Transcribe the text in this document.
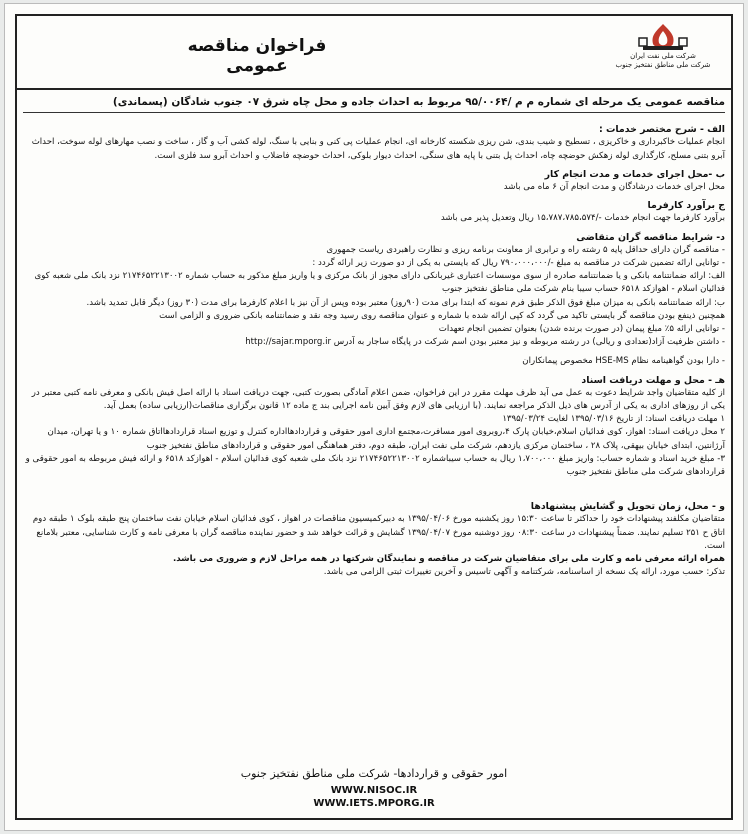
فراخوان مناقصه عمومی	شرکت ملی نفت ایران
شرکت ملی مناطق نفتخیز جنوب
مناقصه عمومی یک مرحله ای شماره م م /۹۵/۰۰۶۴ مربوط به احداث جاده و محل چاه شرق ۰۷ جنوب شادگان (پسماندی)
الف - شرح مختصر خدمات :

انجام عملیات خاکبرداری و خاکریزی ، تسطیح و شیب بندی، شن ریزی شکسته کارخانه ای، انجام عملیات پی کنی و بنایی با سنگ، لوله کشی آب و گاز ، ساخت و نصب مهارهای لوله سوخت، احداث آبرو بتنی مسلح، کارگذاری لوله زهکش حوضچه چاه، احداث پل بتنی با پایه های سنگی، احداث دیوار بلوکی، احداث حوضچه فاضلاب و احداث آبرو سد فلزی است.

ب -محل اجرای خدمات و مدت انجام کار

محل اجرای خدمات درشادگان و مدت انجام آن ۶ ماه می باشد

ج برآورد کارفرما

برآورد کارفرما جهت انجام خدمات -/۱۵،۷۸۷،۷۸۵،۵۷۴ ریال وتعدیل پذیر می باشد

د- شرایط مناقصه گران متقاضی

- مناقصه گران دارای حداقل پایه ۵ رشته راه و ترابری از معاونت برنامه ریزی و نظارت راهبردی ریاست جمهوری

- توانایی ارائه تضمین شرکت در مناقصه به مبلغ -/۷۹۰،۰۰۰،۰۰۰ ریال که بایستی به یکی از دو صورت زیر ارائه گردد :

الف: ارائه ضمانتنامه بانکی و یا ضمانتنامه صادره از سوی موسسات اعتباری غیربانکی دارای مجوز از بانک مرکزی و یا واریز مبلغ مذکور به حساب شماره ۲۱۷۴۶۵۲۲۱۳۰۰۲ نزد بانک ملی شعبه کوی فدائیان اسلام - اهوازکد ۶۵۱۸ حساب سیبا بنام شرکت ملی مناطق نفتخیز جنوب

ب: ارائه ضمانتنامه بانکی به میزان مبلغ فوق الذکر طبق فرم نمونه که ابتدا برای مدت (۹۰روز) معتبر بوده وپس از آن نیز با اعلام کارفرما برای مدت (۳۰ روز) دیگر قابل تمدید باشد.

همچنین ذینفع بودن مناقصه گر بایستی تاکید می گردد که کپی ارائه شده با شماره و عنوان مناقصه روی رسید وجه نقد و ضمانتنامه بانکی ضروری و الزامی است

- توانایی ارائه ۵٪ مبلغ پیمان (در صورت برنده شدن) بعنوان تضمین انجام تعهدات

- داشتن ظرفیت آزاد(تعدادی و ریالی) در رشته مربوطه و نیز معتبر بودن اسم شرکت در پایگاه ساجار به آدرس http://sajar.mporg.ir

- دارا بودن گواهینامه نظام HSE-MS مخصوص پیمانکاران

هـ - محل و مهلت دریافت اسناد

از کلیه متقاضیان واجد شرایط دعوت به عمل می آید ظرف مهلت مقرر در این فراخوان، ضمن اعلام آمادگی بصورت کتبی، جهت دریافت اسناد با ارائه اصل فیش بانکی و معرفی نامه کتبی معتبر در یکی از روزهای اداری به یکی از آدرس های ذیل الذکر مراجعه نمایند. (با ارزیابی های لازم وفق آیین نامه اجرایی بند ج ماده ۱۲ قانون برگزاری مناقصات(ارزیابی ساده) بعمل آید.

۱ مهلت دریافت اسناد: از تاریخ ۱۳۹۵/۰۳/۱۶ لغایت ۱۳۹۵/۰۳/۲۴

۲ محل دریافت اسناد: اهواز، کوی فدائیان اسلام،خیابان پارک ۴،روبروی امور مسافرت،مجتمع اداری امور حقوقی و قراردادهااداره کنترل و توزیع اسناد قراردادهااتاق شماره ۱۰ و یا تهران، میدان آرژانتین، ابتدای خیابان بیهقی، پلاک ۲۸ ، ساختمان مرکزی یازدهم، شرکت ملی نفت ایران، طبقه دوم، دفتر هماهنگی امور حقوقی و قراردادهای مناطق نفتخیز جنوب

۳- مبلغ خرید اسناد و شماره حساب: واریز مبلغ ۱،۷۰۰،۰۰۰ ریال به حساب سیباشماره ۲۱۷۴۶۵۲۲۱۳۰۰۲ نزد بانک ملی شعبه کوی فدائیان اسلام - اهوازکد ۶۵۱۸ و ارائه فیش مربوطه به امور حقوقی و قراردادهای شرکت ملی مناطق نفتخیز جنوب

و - محل، زمان تحویل و گشایش پیشنهادها

متقاضیان مکلفند پیشنهادات خود را حداکثر تا ساعت ۱۵:۳۰ روز یکشنبه مورخ ۱۳۹۵/۰۴/۰۶ به دبیرکمیسیون مناقصات در اهواز ، کوی فدائیان اسلام خیابان نفت ساختمان پنج طبقه بلوک ۱ طبقه دوم اتاق ح ۲۵۱ تسلیم نمایند. ضمناً پیشنهادات در ساعت ۰۸:۳۰ روز دوشنبه مورخ ۱۳۹۵/۰۴/۰۷ گشایش و قرائت خواهد شد و حضور نماینده مناقصه گران با معرفی نامه و کارت شناسایی، معتبر بلامانع است.

همراه ارائه معرفی نامه و کارت ملی برای متقاضیان شرکت در مناقصه و نمایندگان شرکتها در همه مراحل لازم و ضروری می باشد.

تذکر: حسب مورد، ارائه یک نسخه از اساسنامه، شرکتنامه و آگهی تاسیس و آخرین تغییرات ثبتی الزامی می باشد.

امور حقوقی و قراردادها- شرکت ملی مناطق نفتخیز جنوب
WWW.NISOC.IR
WWW.IETS.MPORG.IR
